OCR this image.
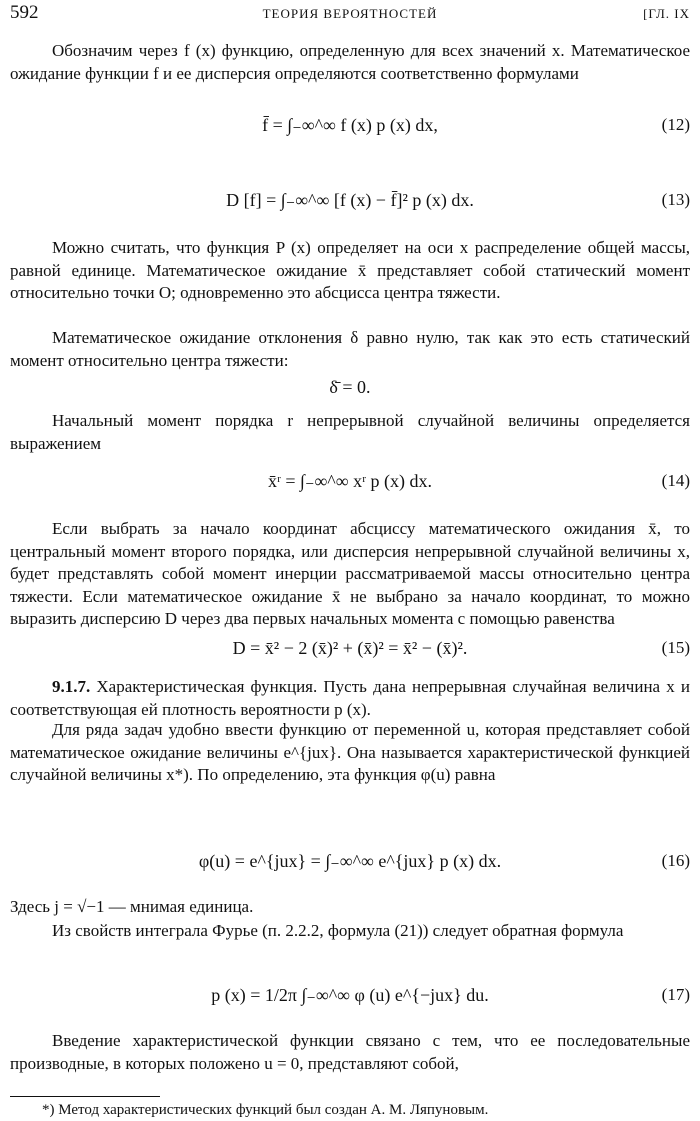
592	ТЕОРИЯ ВЕРОЯТНОСТЕЙ	[ГЛ. IX

Обозначим через f (x) функцию, определенную для всех значений x. Математическое ожидание функции f и ее дисперсия определяются соответственно формулами

f̄ = ∫₋∞^∞ f (x) p (x) dx,	(12)
D [f] = ∫₋∞^∞ [f (x) − f̄]² p (x) dx.	(13)

Можно считать, что функция P (x) определяет на оси x распределение общей массы, равной единице. Математическое ожидание x̄ представляет собой статический момент относительно точки O; одновременно это абсцисса центра тяжести.

Математическое ожидание отклонения δ равно нулю, так как это есть статический момент относительно центра тяжести:

δ̄ = 0.

Начальный момент порядка r непрерывной случайной величины определяется выражением

x̄ʳ = ∫₋∞^∞ xʳ p (x) dx.	(14)

Если выбрать за начало координат абсциссу математического ожидания x̄, то центральный момент второго порядка, или дисперсия непрерывной случайной величины x, будет представлять собой момент инерции рассматриваемой массы относительно центра тяжести. Если математическое ожидание x̄ не выбрано за начало координат, то можно выразить дисперсию D через два первых начальных момента с помощью равенства

D = x̄² − 2 (x̄)² + (x̄)² = x̄² − (x̄)².	(15)

9.1.7. Характеристическая функция. Пусть дана непрерывная случайная величина x и соответствующая ей плотность вероятности p (x).

Для ряда задач удобно ввести функцию от переменной u, которая представляет собой математическое ожидание величины e^{jux}. Она называется характеристической функцией случайной величины x*). По определению, эта функция φ(u) равна

φ(u) = e^{jux} = ∫₋∞^∞ e^{jux} p (x) dx.	(16)

Здесь j = √−1 — мнимая единица.

Из свойств интеграла Фурье (п. 2.2.2, формула (21)) следует обратная формула

p (x) = 1/2π ∫₋∞^∞ φ (u) e^{−jux} du.	(17)

Введение характеристической функции связано с тем, что ее последовательные производные, в которых положено u = 0, представляют собой,

*) Метод характеристических функций был создан А. М. Ляпуновым.
